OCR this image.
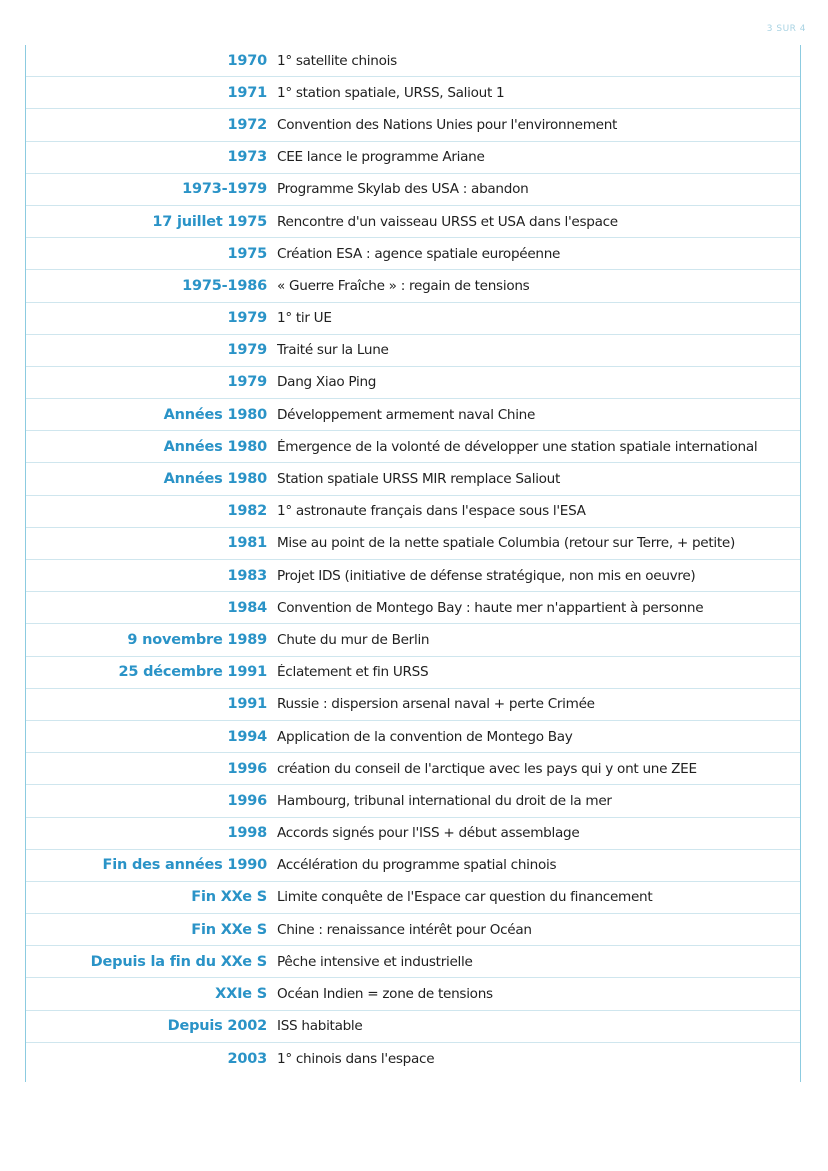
3 SUR 4
1970 1° satellite chinois
1971 1° station spatiale, URSS, Saliout 1
1972 Convention des Nations Unies pour l'environnement
1973 CEE lance le programme Ariane
1973-1979 Programme Skylab des USA : abandon
17 juillet 1975 Rencontre d'un vaisseau URSS et USA dans l'espace
1975 Création ESA : agence spatiale européenne
1975-1986 « Guerre Fraîche » : regain de tensions
1979 1° tir UE
1979 Traité sur la Lune
1979 Dang Xiao Ping
Années 1980 Développement armement naval Chine
Années 1980 Émergence de la volonté de développer une station spatiale international
Années 1980 Station spatiale URSS MIR remplace Saliout
1982 1° astronaute français dans l'espace sous l'ESA
1981 Mise au point de la nette spatiale Columbia (retour sur Terre, + petite)
1983 Projet IDS (initiative de défense stratégique, non mis en oeuvre)
1984 Convention de Montego Bay : haute mer n'appartient à personne
9 novembre 1989 Chute du mur de Berlin
25 décembre 1991 Éclatement et fin URSS
1991 Russie : dispersion arsenal naval + perte Crimée
1994 Application de la convention de Montego Bay
1996 création du conseil de l'arctique avec les pays qui y ont une ZEE
1996 Hambourg, tribunal international du droit de la mer
1998 Accords signés pour l'ISS + début assemblage
Fin des années 1990 Accélération du programme spatial chinois
Fin XXe S Limite conquête de l'Espace car question du financement
Fin XXe S Chine : renaissance intérêt pour Océan
Depuis la fin du XXe S Pêche intensive et industrielle
XXIe S Océan Indien = zone de tensions
Depuis 2002 ISS habitable
2003 1° chinois dans l'espace
